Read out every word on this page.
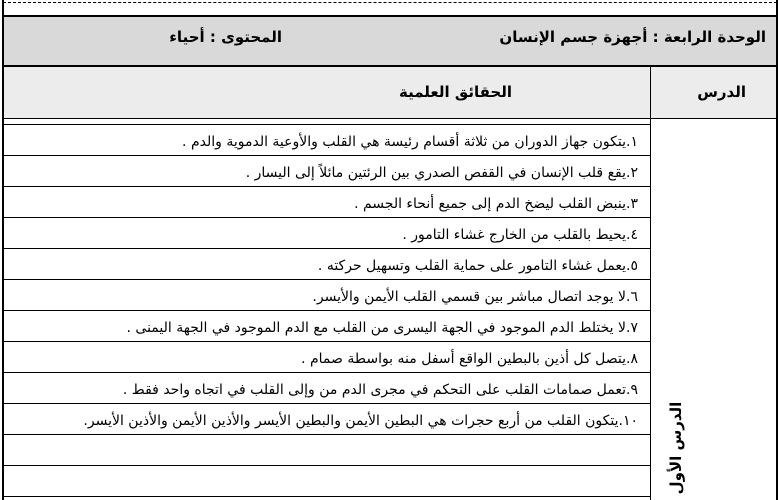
الوحدة الرابعة : أجهزة جسم الإنسان
المحتوى : أحياء
الحقائق العلمية	الدرس
١.يتكون جهاز الدوران من ثلاثة أقسام رئيسة هي القلب والأوعية الدموية والدم .
٢.يقع قلب الإنسان في القفص الصدري بين الرئتين مائلاً إلى اليسار .
٣.ينبض القلب ليضخ الدم إلى جميع أنحاء الجسم .
٤.يحيط بالقلب من الخارج غشاء التامور .
٥.يعمل غشاء التامور على حماية القلب وتسهيل حركته .
٦.لا يوجد اتصال مباشر بين قسمي القلب الأيمن والأيسر.
٧.لا يختلط الدم الموجود في الجهة اليسرى من القلب مع الدم الموجود في الجهة اليمنى .
٨.يتصل كل أذين بالبطين الواقع أسفل منه بواسطة صمام .
٩.تعمل صمامات القلب على التحكم في مجرى الدم من وإلى القلب في اتجاه واحد فقط .
١٠.يتكون القلب من أربع حجرات هي البطين الأيمن والبطين الأيسر والأذين الأيمن والأذين الأيسر. الدرس الأول
